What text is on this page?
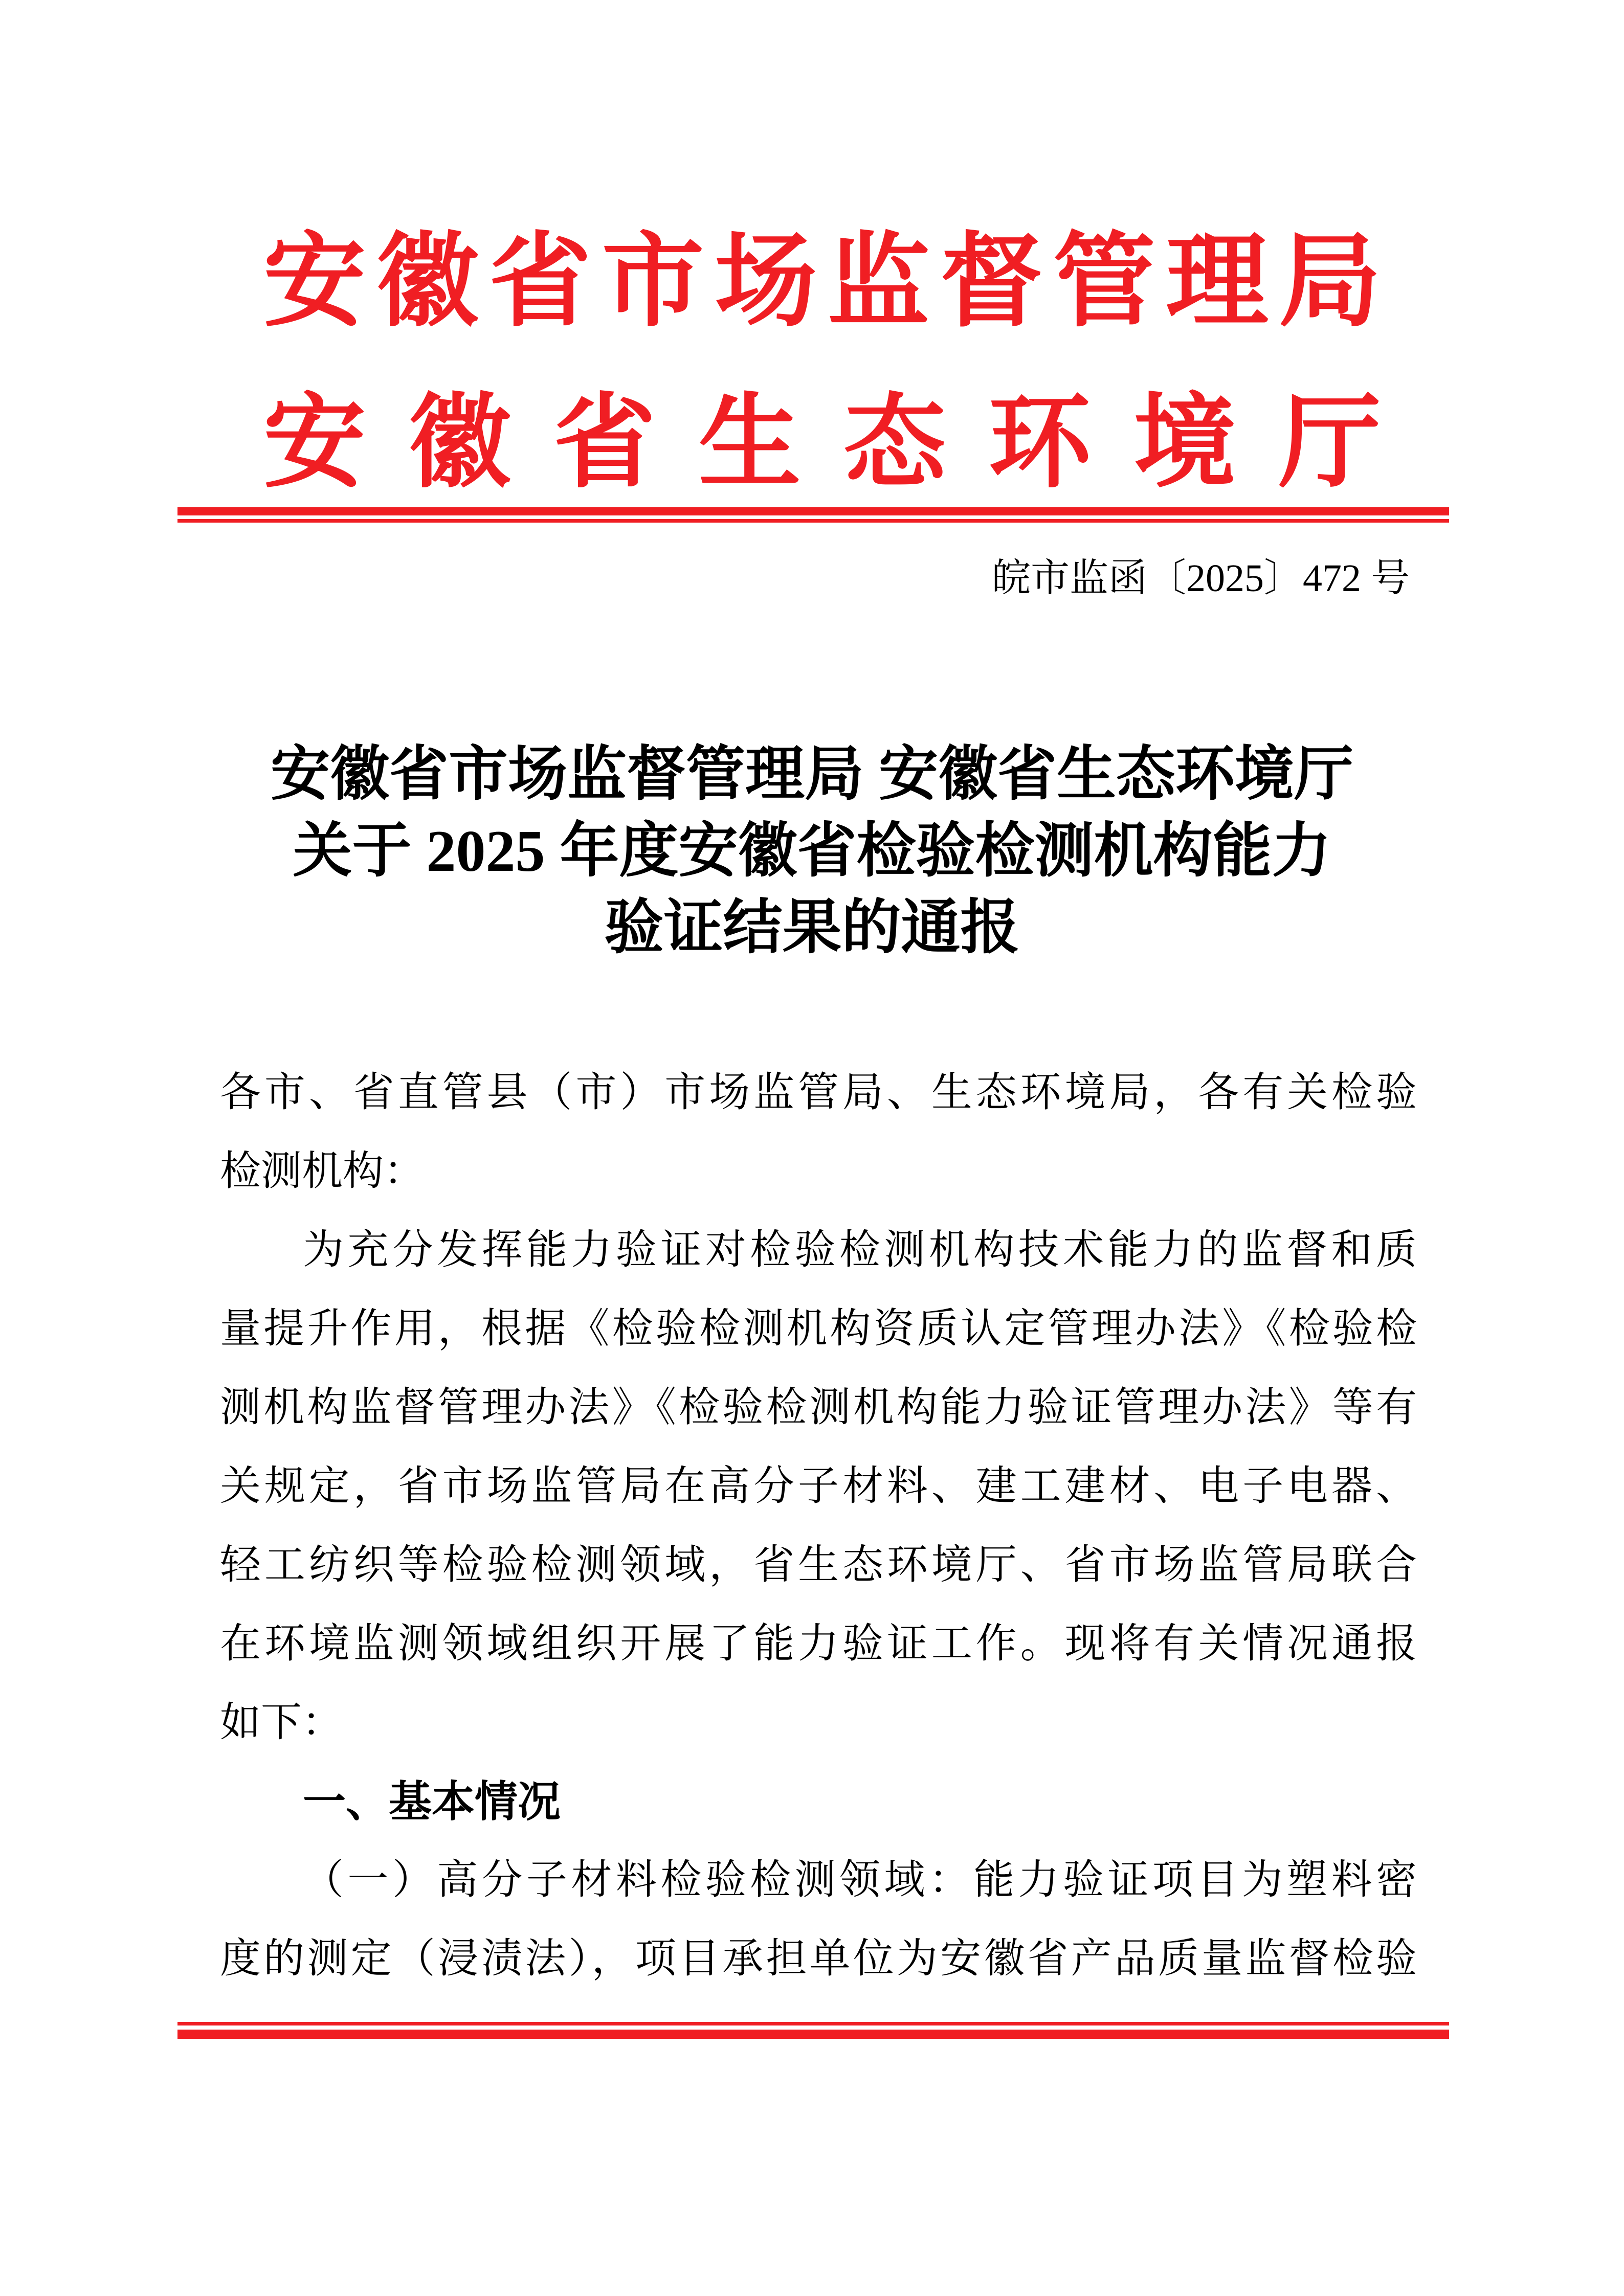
安 徽 省 市 场 监 督 管 理 局
安 徽 省 生 态 环 境 厅
皖市监函〔2025〕472 号
安徽省市场监督管理局 安徽省生态环境厅
关于 2025 年度安徽省检验检测机构能力
验证结果的通报
各市、省直管县（市）市场监管局、生态环境局，各有关检验
检测机构：
为充分发挥能力验证对检验检测机构技术能力的监督和质
量提升作用，根据《检验检测机构资质认定管理办法》《检验检
测机构监督管理办法》《检验检测机构能力验证管理办法》等有
关规定，省市场监管局在高分子材料、建工建材、电子电器、
轻工纺织等检验检测领域，省生态环境厅、省市场监管局联合
在环境监测领域组织开展了能力验证工作。现将有关情况通报
如下：
一、基本情况
（一）高分子材料检验检测领域：能力验证项目为塑料密
度的测定（浸渍法），项目承担单位为安徽省产品质量监督检验
